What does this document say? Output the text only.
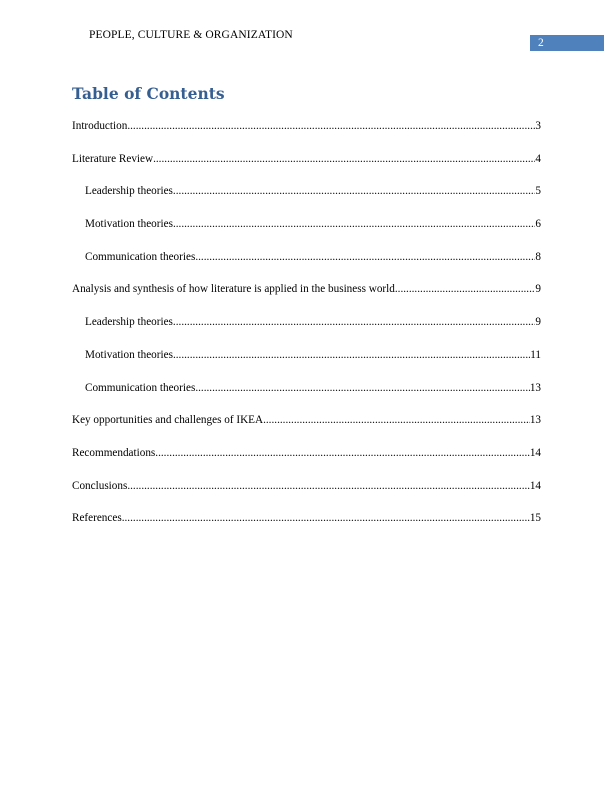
PEOPLE, CULTURE & ORGANIZATION
2
Table of Contents
Introduction .....	3
Literature Review .....	4
Leadership theories .....	5
Motivation theories .....	6
Communication theories .....	8
Analysis and synthesis of how literature is applied in the business world .....	9
Leadership theories .....	9
Motivation theories .....	11
Communication theories .....	13
Key opportunities and challenges of IKEA .....	13
Recommendations .....	14
Conclusions .....	14
References .....	15
